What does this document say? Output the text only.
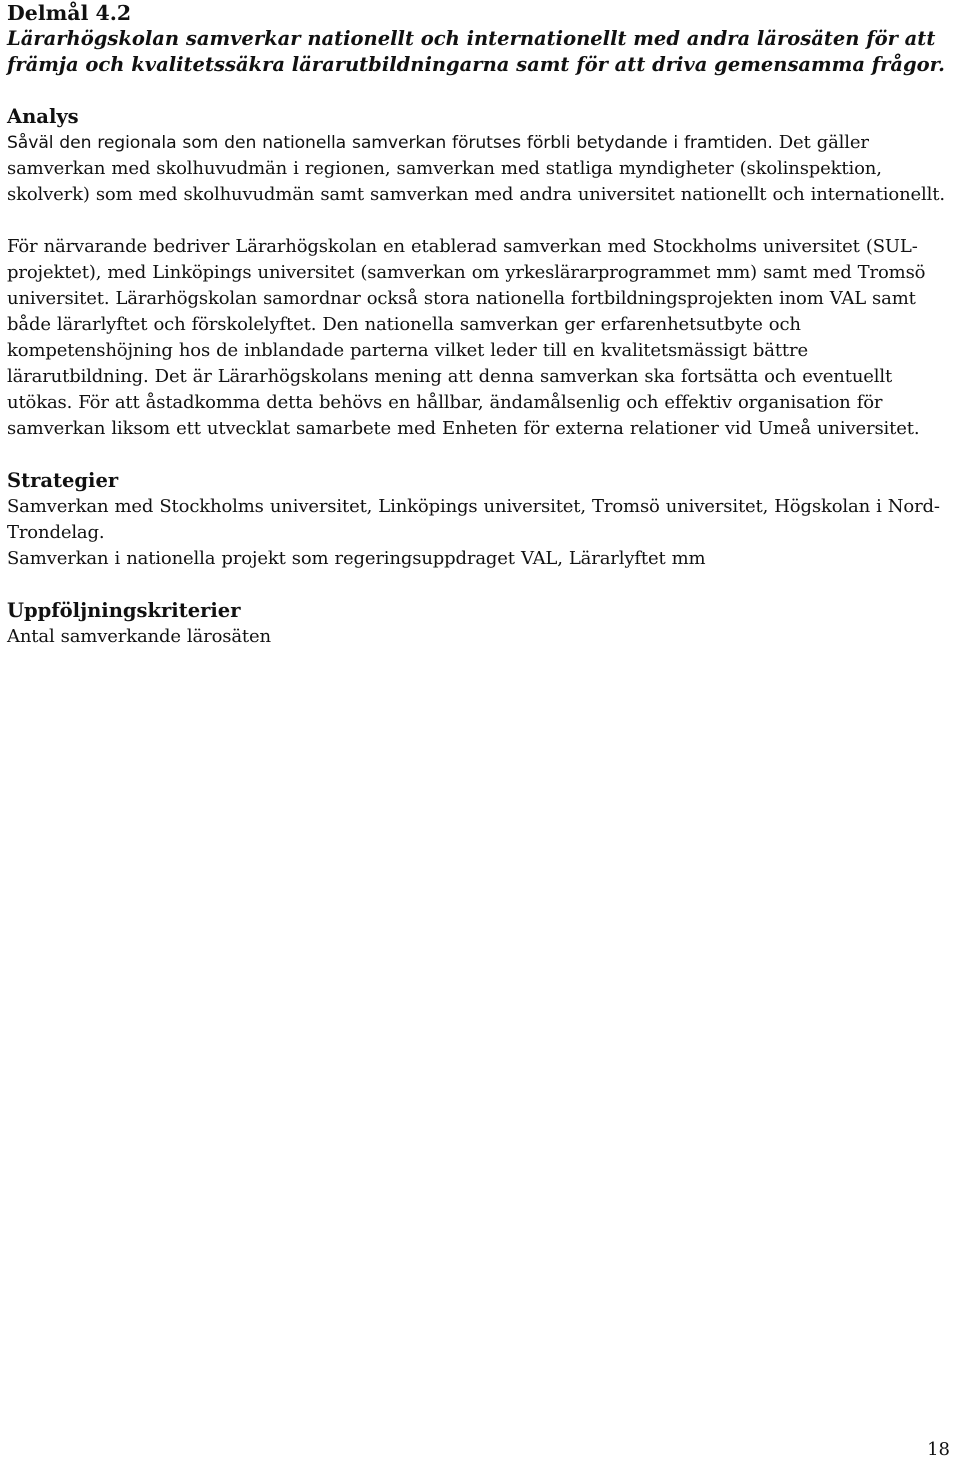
Delmål 4.2

Lärarhögskolan samverkar nationellt och internationellt med andra lärosäten för att främja och kvalitetssäkra lärarutbildningarna samt för att driva gemensamma frågor.

Analys

Såväl den regionala som den nationella samverkan förutses förbli betydande i framtiden. Det gäller samverkan med skolhuvudmän i regionen, samverkan med statliga myndigheter (skolinspektion, skolverk) som med skolhuvudmän samt samverkan med andra universitet nationellt och internationellt.

För närvarande bedriver Lärarhögskolan en etablerad samverkan med Stockholms universitet (SUL-projektet), med Linköpings universitet (samverkan om yrkeslärarprogrammet mm) samt med Tromsö universitet. Lärarhögskolan samordnar också stora nationella fortbildningsprojekten inom VAL samt både lärarlyftet och förskolelyftet. Den nationella samverkan ger erfarenhetsutbyte och kompetenshöjning hos de inblandade parterna vilket leder till en kvalitetsmässigt bättre lärarutbildning. Det är Lärarhögskolans mening att denna samverkan ska fortsätta och eventuellt utökas. För att åstadkomma detta behövs en hållbar, ändamålsenlig och effektiv organisation för samverkan liksom ett utvecklat samarbete med Enheten för externa relationer vid Umeå universitet.

Strategier

Samverkan med Stockholms universitet, Linköpings universitet, Tromsö universitet, Högskolan i Nord-Trondelag.

Samverkan i nationella projekt som regeringsuppdraget VAL, Lärarlyftet mm

Uppföljningskriterier

Antal samverkande lärosäten

18
